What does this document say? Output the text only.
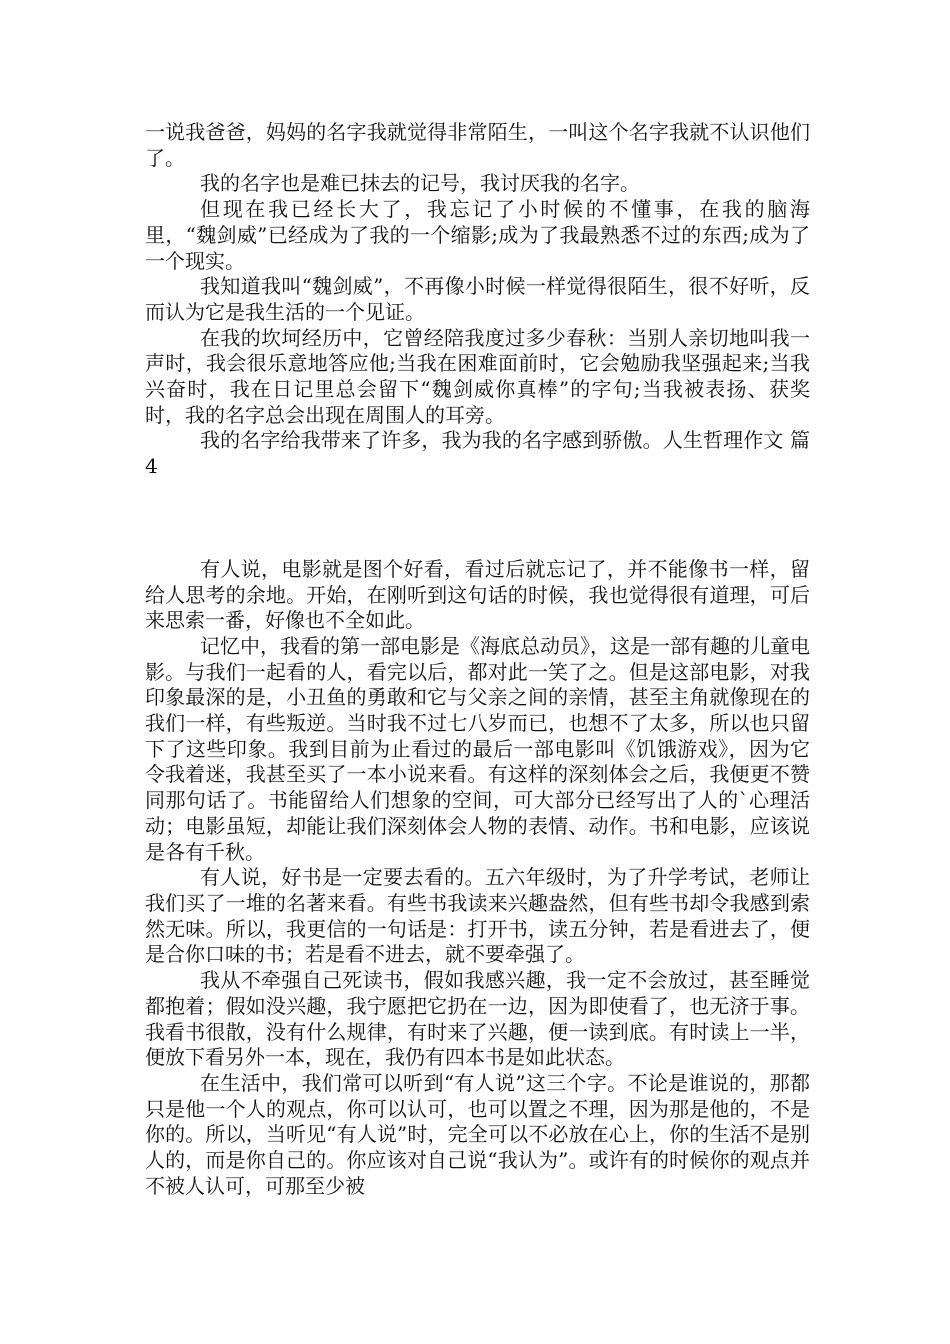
一说我爸爸，妈妈的名字我就觉得非常陌生，一叫这个名字我就不认识他们了。

我的名字也是难已抹去的记号，我讨厌我的名字。

但现在我已经长大了，我忘记了小时候的不懂事，在我的脑海里，“魏剑威”已经成为了我的一个缩影;成为了我最熟悉不过的东西;成为了一个现实。

我知道我叫“魏剑威”，不再像小时候一样觉得很陌生，很不好听，反而认为它是我生活的一个见证。

在我的坎坷经历中，它曾经陪我度过多少春秋：当别人亲切地叫我一声时，我会很乐意地答应他;当我在困难面前时，它会勉励我坚强起来;当我兴奋时，我在日记里总会留下“魏剑威你真棒”的字句;当我被表扬、获奖时，我的名字总会出现在周围人的耳旁。

我的名字给我带来了许多，我为我的名字感到骄傲。人生哲理作文 篇4

有人说，电影就是图个好看，看过后就忘记了，并不能像书一样，留给人思考的余地。开始，在刚听到这句话的时候，我也觉得很有道理，可后来思索一番，好像也不全如此。

记忆中，我看的第一部电影是《海底总动员》，这是一部有趣的儿童电影。与我们一起看的人，看完以后，都对此一笑了之。但是这部电影，对我印象最深的是，小丑鱼的勇敢和它与父亲之间的亲情，甚至主角就像现在的我们一样，有些叛逆。当时我不过七八岁而已，也想不了太多，所以也只留下了这些印象。我到目前为止看过的最后一部电影叫《饥饿游戏》，因为它令我着迷，我甚至买了一本小说来看。有这样的深刻体会之后，我便更不赞同那句话了。书能留给人们想象的空间，可大部分已经写出了人的`心理活动；电影虽短，却能让我们深刻体会人物的表情、动作。书和电影，应该说是各有千秋。

有人说，好书是一定要去看的。五六年级时，为了升学考试，老师让我们买了一堆的名著来看。有些书我读来兴趣盎然，但有些书却令我感到索然无味。所以，我更信的一句话是：打开书，读五分钟，若是看进去了，便是合你口味的书；若是看不进去，就不要牵强了。

我从不牵强自己死读书，假如我感兴趣，我一定不会放过，甚至睡觉都抱着；假如没兴趣，我宁愿把它扔在一边，因为即使看了，也无济于事。我看书很散，没有什么规律，有时来了兴趣，便一读到底。有时读上一半，便放下看另外一本，现在，我仍有四本书是如此状态。

在生活中，我们常可以听到“有人说”这三个字。不论是谁说的，那都只是他一个人的观点，你可以认可，也可以置之不理，因为那是他的，不是你的。所以，当听见“有人说”时，完全可以不必放在心上，你的生活不是别人的，而是你自己的。你应该对自己说“我认为”。或许有的时候你的观点并不被人认可，可那至少被
